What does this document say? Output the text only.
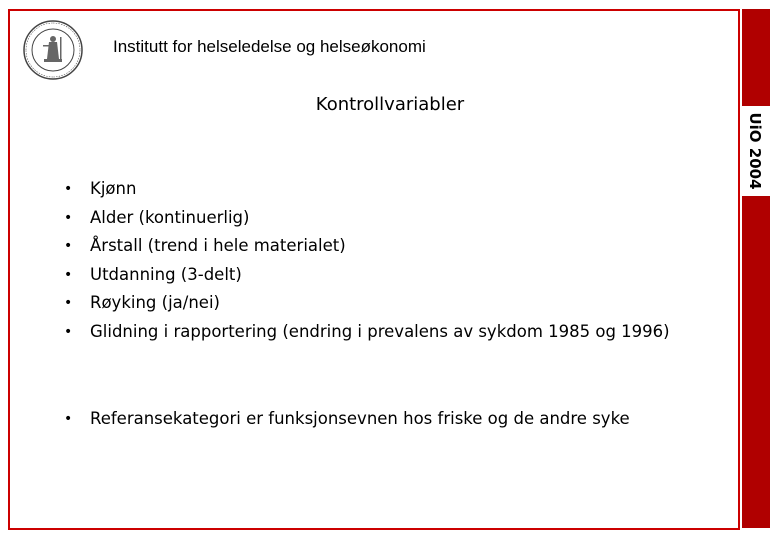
UiO 2004
Institutt for helseledelse og helseøkonomi
Kontrollvariabler
• Kjønn
• Alder (kontinuerlig)
• Årstall (trend i hele materialet)
• Utdanning (3-delt)
• Røyking (ja/nei)
• Glidning i rapportering (endring i prevalens av sykdom 1985 og 1996)
• Referansekategori er funksjonsevnen hos friske og de andre syke
